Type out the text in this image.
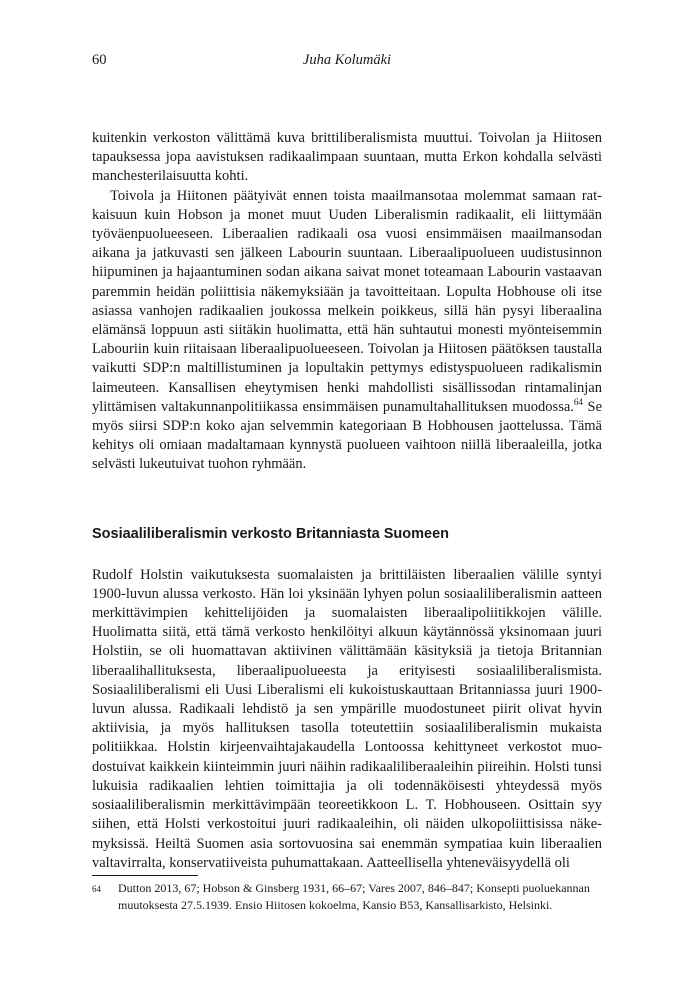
60	Juha Kolumäki

kuitenkin verkoston välittämä kuva brittiliberalismista muuttui. Toivolan ja Hiitosen tapauksessa jopa aavistuksen radikaalimpaan suuntaan, mutta Erkon kohdalla selvästi manchesterilaisuutta kohti.

Toivola ja Hiitonen päätyivät ennen toista maailmansotaa molemmat samaan ratkaisuun kuin Hobson ja monet muut Uuden Liberalismin radikaalit, eli liittymään työväenpuolueeseen. Liberaalien radikaali osa vuosi ensimmäisen maailmansodan aikana ja jatkuvasti sen jälkeen Labourin suuntaan. Liberaalipuolueen uudistusinnon hiipuminen ja hajaantuminen sodan aikana saivat monet toteamaan Labourin vastaavan paremmin heidän poliittisia näkemyksiään ja tavoitteitaan. Lopulta Hobhouse oli itse asiassa vanhojen radikaalien joukossa melkein poikkeus, sillä hän pysyi liberaalina elämänsä loppuun asti siitäkin huolimatta, että hän suhtautui monesti myönteisemmin Labouriin kuin riitaisaan liberaalipuolueeseen. Toivolan ja Hiitosen päätöksen taustalla vaikutti SDP:n maltillistuminen ja lopultakin pettymys edistyspuolueen radikalismin laimeuteen. Kansallisen eheytymisen henki mahdollisti sisällissodan rintamalinjan ylittämisen valtakunnanpolitiikassa ensimmäisen punamultahallituksen muodossa.$^{64}$ Se myös siirsi SDP:n koko ajan selvemmin kategoriaan B Hobhousen jaottelussa. Tämä kehitys oli omiaan madaltamaan kynnystä puolueen vaihtoon niillä liberaaleilla, jotka selvästi lukeutuivat tuohon ryhmään.

Sosiaaliliberalismin verkosto Britanniasta Suomeen

Rudolf Holstin vaikutuksesta suomalaisten ja brittiläisten liberaalien välille syntyi 1900-luvun alussa verkosto. Hän loi yksinään lyhyen polun sosiaaliliberalismin aatteen merkittävimpien kehittelijöiden ja suomalaisten liberaalipoliitikkojen välille. Huolimatta siitä, että tämä verkosto henkilöityi alkuun käytännössä yksinomaan juuri Holstiin, se oli huomattavan aktiivinen välittämään käsityksiä ja tietoja Britannian liberaalihallituksesta, liberaalipuolueesta ja erityisesti sosiaaliliberalismista. Sosiaaliliberalismi eli Uusi Liberalismi eli kukoistuskauttaan Britanniassa juuri 1900-luvun alussa. Radikaali lehdistö ja sen ympärille muodostuneet piirit olivat hyvin aktiivisia, ja myös hallituksen tasolla toteutettiin sosiaaliliberalismin mukaista politiikkaa. Holstin kirjeenvaihtajakaudella Lontoossa kehittyneet verkostot muodostuivat kaikkein kiinteimmin juuri näihin radikaaliliberaaleihin piireihin. Holsti tunsi lukuisia radikaalien lehtien toimittajia ja oli todennäköisesti yhteydessä myös sosiaaliliberalismin merkittävimpään teoreetikkoon L. T. Hobhouseen. Osittain syy siihen, että Holsti verkostoitui juuri radikaaleihin, oli näiden ulkopoliittisissa näkemyksissä. Heiltä Suomen asia sortovuosina sai enemmän sympatiaa kuin liberaalien valtavirralta, konservatiiveista puhumattakaan. Aatteellisella yhteneväisyydellä oli

64	Dutton 2013, 67; Hobson & Ginsberg 1931, 66–67; Vares 2007, 846–847; Konsepti puoluekannan muutoksesta 27.5.1939. Ensio Hiitosen kokoelma, Kansio B53, Kansallisarkisto, Helsinki.
